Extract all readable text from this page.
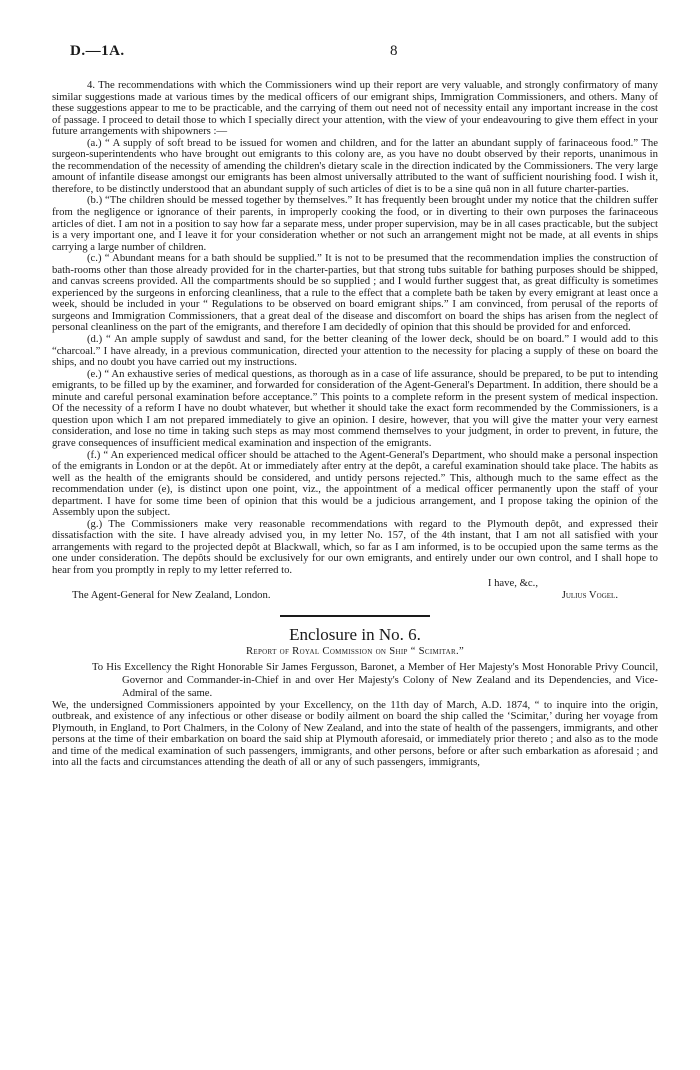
D.—1A.	8

4. The recommendations with which the Commissioners wind up their report are very valuable, and strongly confirmatory of many similar suggestions made at various times by the medical officers of our emigrant ships, Immigration Commissioners, and others. Many of these suggestions appear to me to be practicable, and the carrying of them out need not of necessity entail any important increase in the cost of passage. I proceed to detail those to which I specially direct your attention, with the view of your endeavouring to give them effect in your future arrangements with shipowners :—

(a.) “ A supply of soft bread to be issued for women and children, and for the latter an abundant supply of farinaceous food.” The surgeon-superintendents who have brought out emigrants to this colony are, as you have no doubt observed by their reports, unanimous in the recommendation of the necessity of amending the children's dietary scale in the direction indicated by the Commissioners. The very large amount of infantile disease amongst our emigrants has been almost universally attributed to the want of sufficient nourishing food. I wish it, therefore, to be distinctly understood that an abundant supply of such articles of diet is to be a sine quâ non in all future charter-parties.

(b.) “The children should be messed together by themselves.” It has frequently been brought under my notice that the children suffer from the negligence or ignorance of their parents, in improperly cooking the food, or in diverting to their own purposes the farinaceous articles of diet. I am not in a position to say how far a separate mess, under proper supervision, may be in all cases practicable, but the subject is a very important one, and I leave it for your consideration whether or not such an arrangement might not be made, at all events in ships carrying a large number of children.

(c.) “ Abundant means for a bath should be supplied.” It is not to be presumed that the recommendation implies the construction of bath-rooms other than those already provided for in the charter-parties, but that strong tubs suitable for bathing purposes should be shipped, and canvas screens provided. All the compartments should be so supplied ; and I would further suggest that, as great difficulty is sometimes experienced by the surgeons in enforcing cleanliness, that a rule to the effect that a complete bath be taken by every emigrant at least once a week, should be included in your “ Regulations to be observed on board emigrant ships.” I am convinced, from perusal of the reports of surgeons and Immigration Commissioners, that a great deal of the disease and discomfort on board the ships has arisen from the neglect of personal cleanliness on the part of the emigrants, and therefore I am decidedly of opinion that this should be provided for and enforced.

(d.) “ An ample supply of sawdust and sand, for the better cleaning of the lower deck, should be on board.” I would add to this “charcoal.” I have already, in a previous communication, directed your attention to the necessity for placing a supply of these on board the ships, and no doubt you have carried out my instructions.

(e.) “ An exhaustive series of medical questions, as thorough as in a case of life assurance, should be prepared, to be put to intending emigrants, to be filled up by the examiner, and forwarded for consideration of the Agent-General's Department. In addition, there should be a minute and careful personal examination before acceptance.” This points to a complete reform in the present system of medical inspection. Of the necessity of a reform I have no doubt whatever, but whether it should take the exact form recommended by the Commissioners, is a question upon which I am not prepared immediately to give an opinion. I desire, however, that you will give the matter your very earnest consideration, and lose no time in taking such steps as may most commend themselves to your judgment, in order to prevent, in future, the grave consequences of insufficient medical examination and inspection of the emigrants.

(f.) “ An experienced medical officer should be attached to the Agent-General's Department, who should make a personal inspection of the emigrants in London or at the depôt. At or immediately after entry at the depôt, a careful examination should take place. The habits as well as the health of the emigrants should be considered, and untidy persons rejected.” This, although much to the same effect as the recommendation under (e), is distinct upon one point, viz., the appointment of a medical officer permanently upon the staff of your department. I have for some time been of opinion that this would be a judicious arrangement, and I propose taking the opinion of the Assembly upon the subject.

(g.) The Commissioners make very reasonable recommendations with regard to the Plymouth depôt, and expressed their dissatisfaction with the site. I have already advised you, in my letter No. 157, of the 4th instant, that I am not all satisfied with your arrangements with regard to the projected depôt at Blackwall, which, so far as I am informed, is to be occupied upon the same terms as the one under consideration. The depôts should be exclusively for our own emigrants, and entirely under our own control, and I shall hope to hear from you promptly in reply to my letter referred to.

I have, &c.,
The Agent-General for New Zealand, London.	Julius Vogel.
Enclosure in No. 6.
Report of Royal Commission on Ship “ Scimitar.”
To His Excellency the Right Honorable Sir James Fergusson, Baronet, a Member of Her Majesty's Most Honorable Privy Council, Governor and Commander-in-Chief in and over Her Majesty's Colony of New Zealand and its Dependencies, and Vice-Admiral of the same.

We, the undersigned Commissioners appointed by your Excellency, on the 11th day of March, A.D. 1874, “ to inquire into the origin, outbreak, and existence of any infectious or other disease or bodily ailment on board the ship called the ‘Scimitar,’ during her voyage from Plymouth, in England, to Port Chalmers, in the Colony of New Zealand, and into the state of health of the passengers, immigrants, and other persons at the time of their embarkation on board the said ship at Plymouth aforesaid, or immediately prior thereto ; and also as to the mode and time of the medical examination of such passengers, immigrants, and other persons, before or after such embarkation as aforesaid ; and into all the facts and circumstances attending the death of all or any of such passengers, immigrants,
